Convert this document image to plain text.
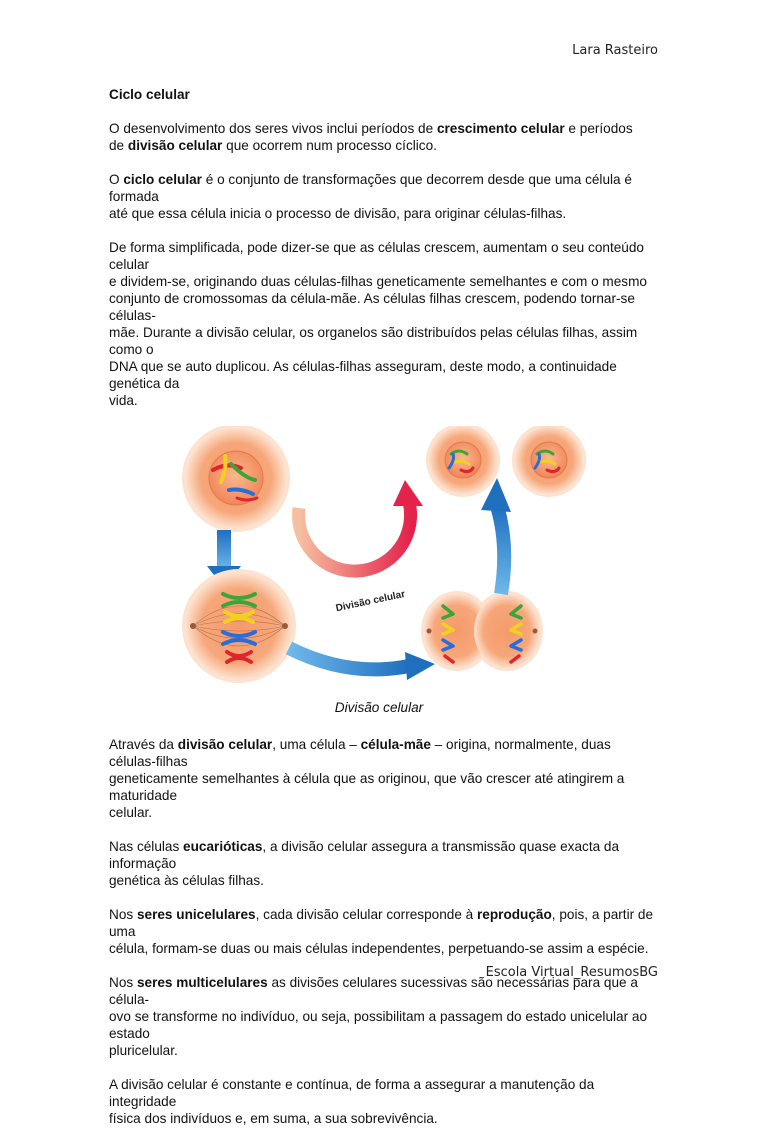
Lara Rasteiro

Ciclo celular

O desenvolvimento dos seres vivos inclui períodos de crescimento celular e períodos
de divisão celular que ocorrem num processo cíclico.

O ciclo celular é o conjunto de transformações que decorrem desde que uma célula é formada
até que essa célula inicia o processo de divisão, para originar células-filhas.

De forma simplificada, pode dizer-se que as células crescem, aumentam o seu conteúdo celular
e dividem-se, originando duas células-filhas geneticamente semelhantes e com o mesmo
conjunto de cromossomas da célula-mãe. As células filhas crescem, podendo tornar-se células-
mãe. Durante a divisão celular, os organelos são distribuídos pelas células filhas, assim como o
DNA que se auto duplicou. As células-filhas asseguram, deste modo, a continuidade genética da
vida.

Divisão celular

Divisão celular

Através da divisão celular, uma célula – célula-mãe – origina, normalmente, duas células-filhas
geneticamente semelhantes à célula que as originou, que vão crescer até atingirem a maturidade
celular.

Nas células eucarióticas, a divisão celular assegura a transmissão quase exacta da informação
genética às células filhas.

Nos seres unicelulares, cada divisão celular corresponde à reprodução, pois, a partir de uma
célula, formam-se duas ou mais células independentes, perpetuando-se assim a espécie.

Nos seres multicelulares as divisões celulares sucessivas são necessárias para que a célula-
ovo se transforme no indivíduo, ou seja, possibilitam a passagem do estado unicelular ao estado
pluricelular.

A divisão celular é constante e contínua, de forma a assegurar a manutenção da integridade
física dos indivíduos e, em suma, a sua sobrevivência.

Escola Virtual_ResumosBG
